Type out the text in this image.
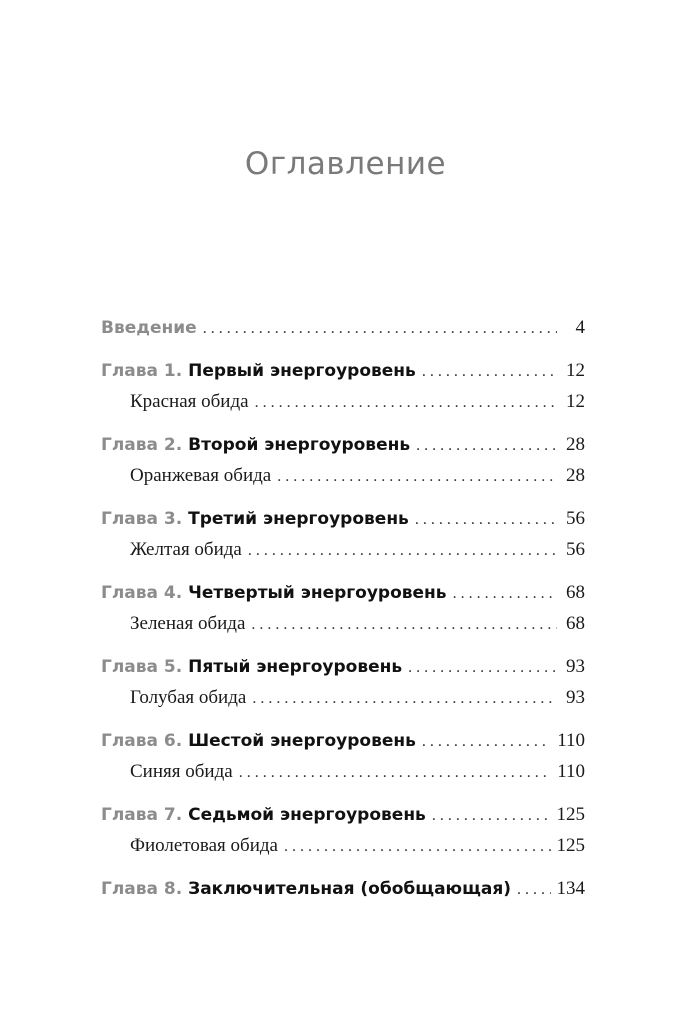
Оглавление
Введение . . .	4
Глава 1. Первый энергоуровень . . .	12
Красная обида . . .	12
Глава 2. Второй энергоуровень . . .	28
Оранжевая обида . . .	28
Глава 3. Третий энергоуровень . . .	56
Желтая обида . . .	56
Глава 4. Четвертый энергоуровень . . .	68
Зеленая обида . . .	68
Глава 5. Пятый энергоуровень . . .	93
Голубая обида . . .	93
Глава 6. Шестой энергоуровень . . .	110
Синяя обида . . .	110
Глава 7. Седьмой энергоуровень . . .	125
Фиолетовая обида . . .	125
Глава 8. Заключительная (обобщающая) . . . 134
